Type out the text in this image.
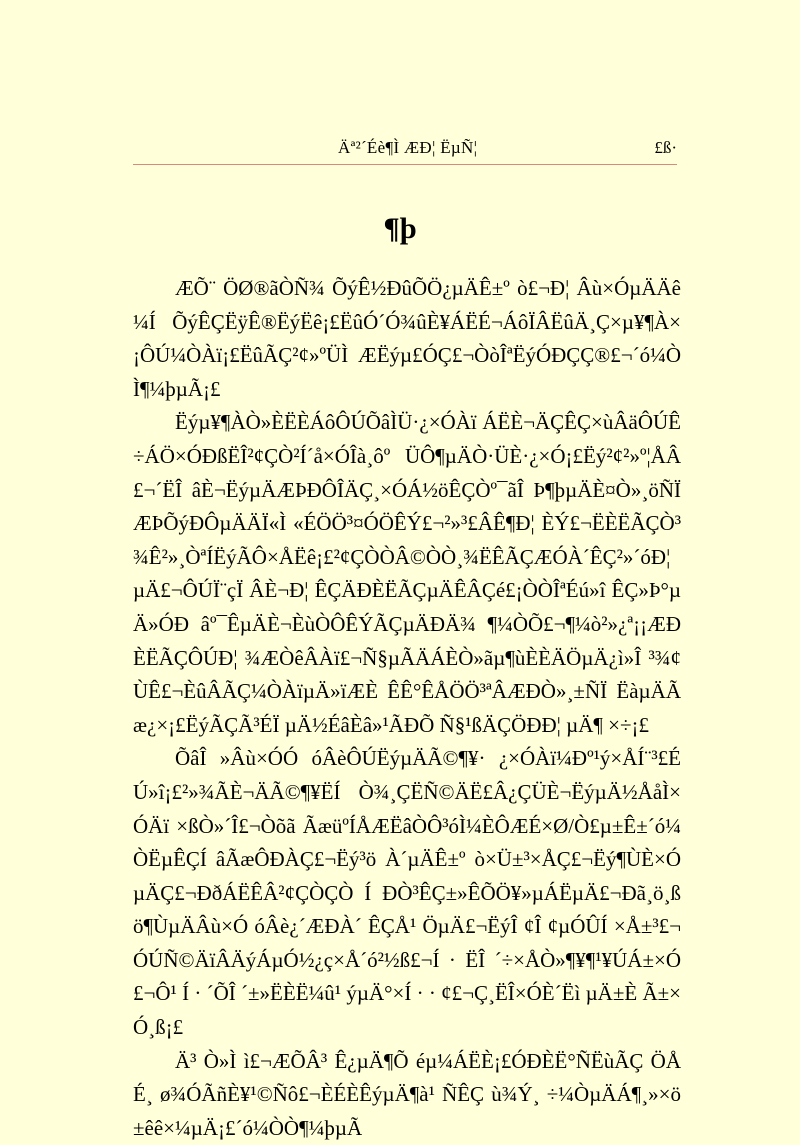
Äª²´Éè¶Ì ÆÐ¦ ËµÑ¦	£ß·
¶þ

ÆÕ¨ ÖØ®ãÒÑ¾ ÕýÊ½ÐûÕÖ¿µÄÊ±º ò£¬Ð¦ Âù×ÓµÄÄê¼Í ÕýÊÇËÿÊ®ËýËê¡£ËûÓ´Ó¾ûÈ¥ÁËÉ¬ÁôÏÂËûÄ¸Ç×µ¥¶À×¡ÔÚ¼ÒÀï¡£ËûÃÇ²¢»ºÜÌ ÆËýµ£ÓÇ£¬ÒòÎªËýÓÐÇÇ®£¬´ó¼ÒÌ¶¼þµÃ¡£

Ëýµ¥¶ÀÒ»ÈËÈÁôÔÚÕâÌÜ·¿×ÓÀï ÁËÈ¬ÄÇÊÇ×ùÂäÔÚÊ÷ÁÖ×ÓÐßËÎ²¢ÇÒ²Í´å×ÓÎà¸ôº ÜÔ¶µÄÒ·ÜÈ·¿×Ó¡£Ëý²¢²»º¦ÅÂ£¬´ËÎ âÈ¬ËýµÄÆÞÐÔÎÄÇ¸×ÓÁ½öÊÇÒº¯ãÎ Þ¶þµÄÈ¤Ò»¸öÑÏÆÞÕýÐÔµÄÄÏ«Ì «ÉÖÖ³¤ÓÖÊÝ£¬²»³£ÂÊ¶Ð¦ ÈÝ£¬ËÈËÃÇÒ³¾Ê²»¸ÒªÍËýÃÔ×ÅËê¡£²¢ÇÒÒÂ©ÒÒ¸¾ËÊÃÇÆÓÀ´ÊÇ²»´óÐ¦ µÄ£¬ÔÚÏ¨çÏ ÂÈ¬Ð¦ ÊÇÄÐÈËÃÇµÄÊÂÇé£¡ÒÒÎªÉú»î ÊÇ»Þ°µÄ»ÓÐ âº¯ÊµÄÈ¬ÈùÒÔÊÝÃÇµÄÐÄ¾ ¶¼ÒÕ£¬¶¼ò²»¿ª¡¡ÆÐÈËÃÇÔÚÐ¦ ¾ÆÒêÂÀï£¬Ñ§µÃÄÁÈÒ»ãµ¶ùÈÈÄÖµÄ¿ì»Î ³¾¢ÙÊ£¬ÈûÂÃÇ¼ÒÀïµÄ»ïÆÈ ÊÊ°ÊÅÖÖ³ªÂÆÐÒ»¸±ÑÏ ËàµÄÃæ¿×¡£ËýÃÇÃ³ÉÏ µÄ½ÉâÈâ»¹ÃÐÕ Ñ§¹ßÄÇÖÐÐ¦ µÄ¶ ×÷¡£

ÕâÎ »Âù×ÓÓ óÂèÔÚËýµÄÃ©¶¥· ¿×ÓÀï¼Ðº¹ý×ÅÍ¨³£ÉÚ»î¡£²»¾ÃÈ¬ÄÃ©¶¥ËÍ Ò¾¸ÇËÑ©ÄË£Â¿ÇÜÈ¬ËýµÄ½ÅåÌ×ÓÄï ×ßÒ»´Î£¬Òõã ÃæüºÍÅÆËâÒÔ³óÌ¼ÈÔÆÉ×Ø/Ò£µ±Ê±´ó¼ÒËµÊÇÍ âÃæÔÐÀÇ£¬Ëý³ö À´µÄÊ±º ò×Ü±³×ÅÇ£¬Ëý¶ÙÈ×ÓµÄÇ£¬ÐðÁËÊÂ²¢ÇÒÇÒ Í ÐÒ³ÊÇ±»ÊÕÖ¥»µÁËµÄ£¬Ðã¸ö¸ß ö¶ÙµÄÂù×Ó óÂè¿´ÆÐÀ´ ÊÇÅ¹ ÖµÄ£¬ËýÎ ¢Î ¢µÓÛÍ ×Å±³£¬ÓÚÑ©ÄïÂÄýÁµÓ½¿ç×Å´ó²½ß£¬Í · ËÎ ´÷×ÅÒ»¶¥¶¹¥ÚÁ±×Ó£¬Ô¹ Í · ´ÕÎ ´±»ËÈË¼û¹ ýµÄ°×Í · · ¢£¬Ç¸ËÎ×ÓÈ´Ëì µÄ±È Ã±×Ó¸ß¡£

Ä³ Ò»Ì ì£¬ÆÕÂ³ Ê¿µÄ¶Õ éµ¼ÁËÈ¡£ÓÐÈË°ÑËùÃÇ ÖÅÉ¸ ø¾ÓÃñÈ¥¹©Ñô£¬ÈÉÈÊýµÄ¶à¹ ÑÊÇ ù¾Ý¸ ÷¼ÒµÄÁ¶¸»×ö±êê×¼µÄ¡£´ó¼ÒÒ¶¼þµÃ
